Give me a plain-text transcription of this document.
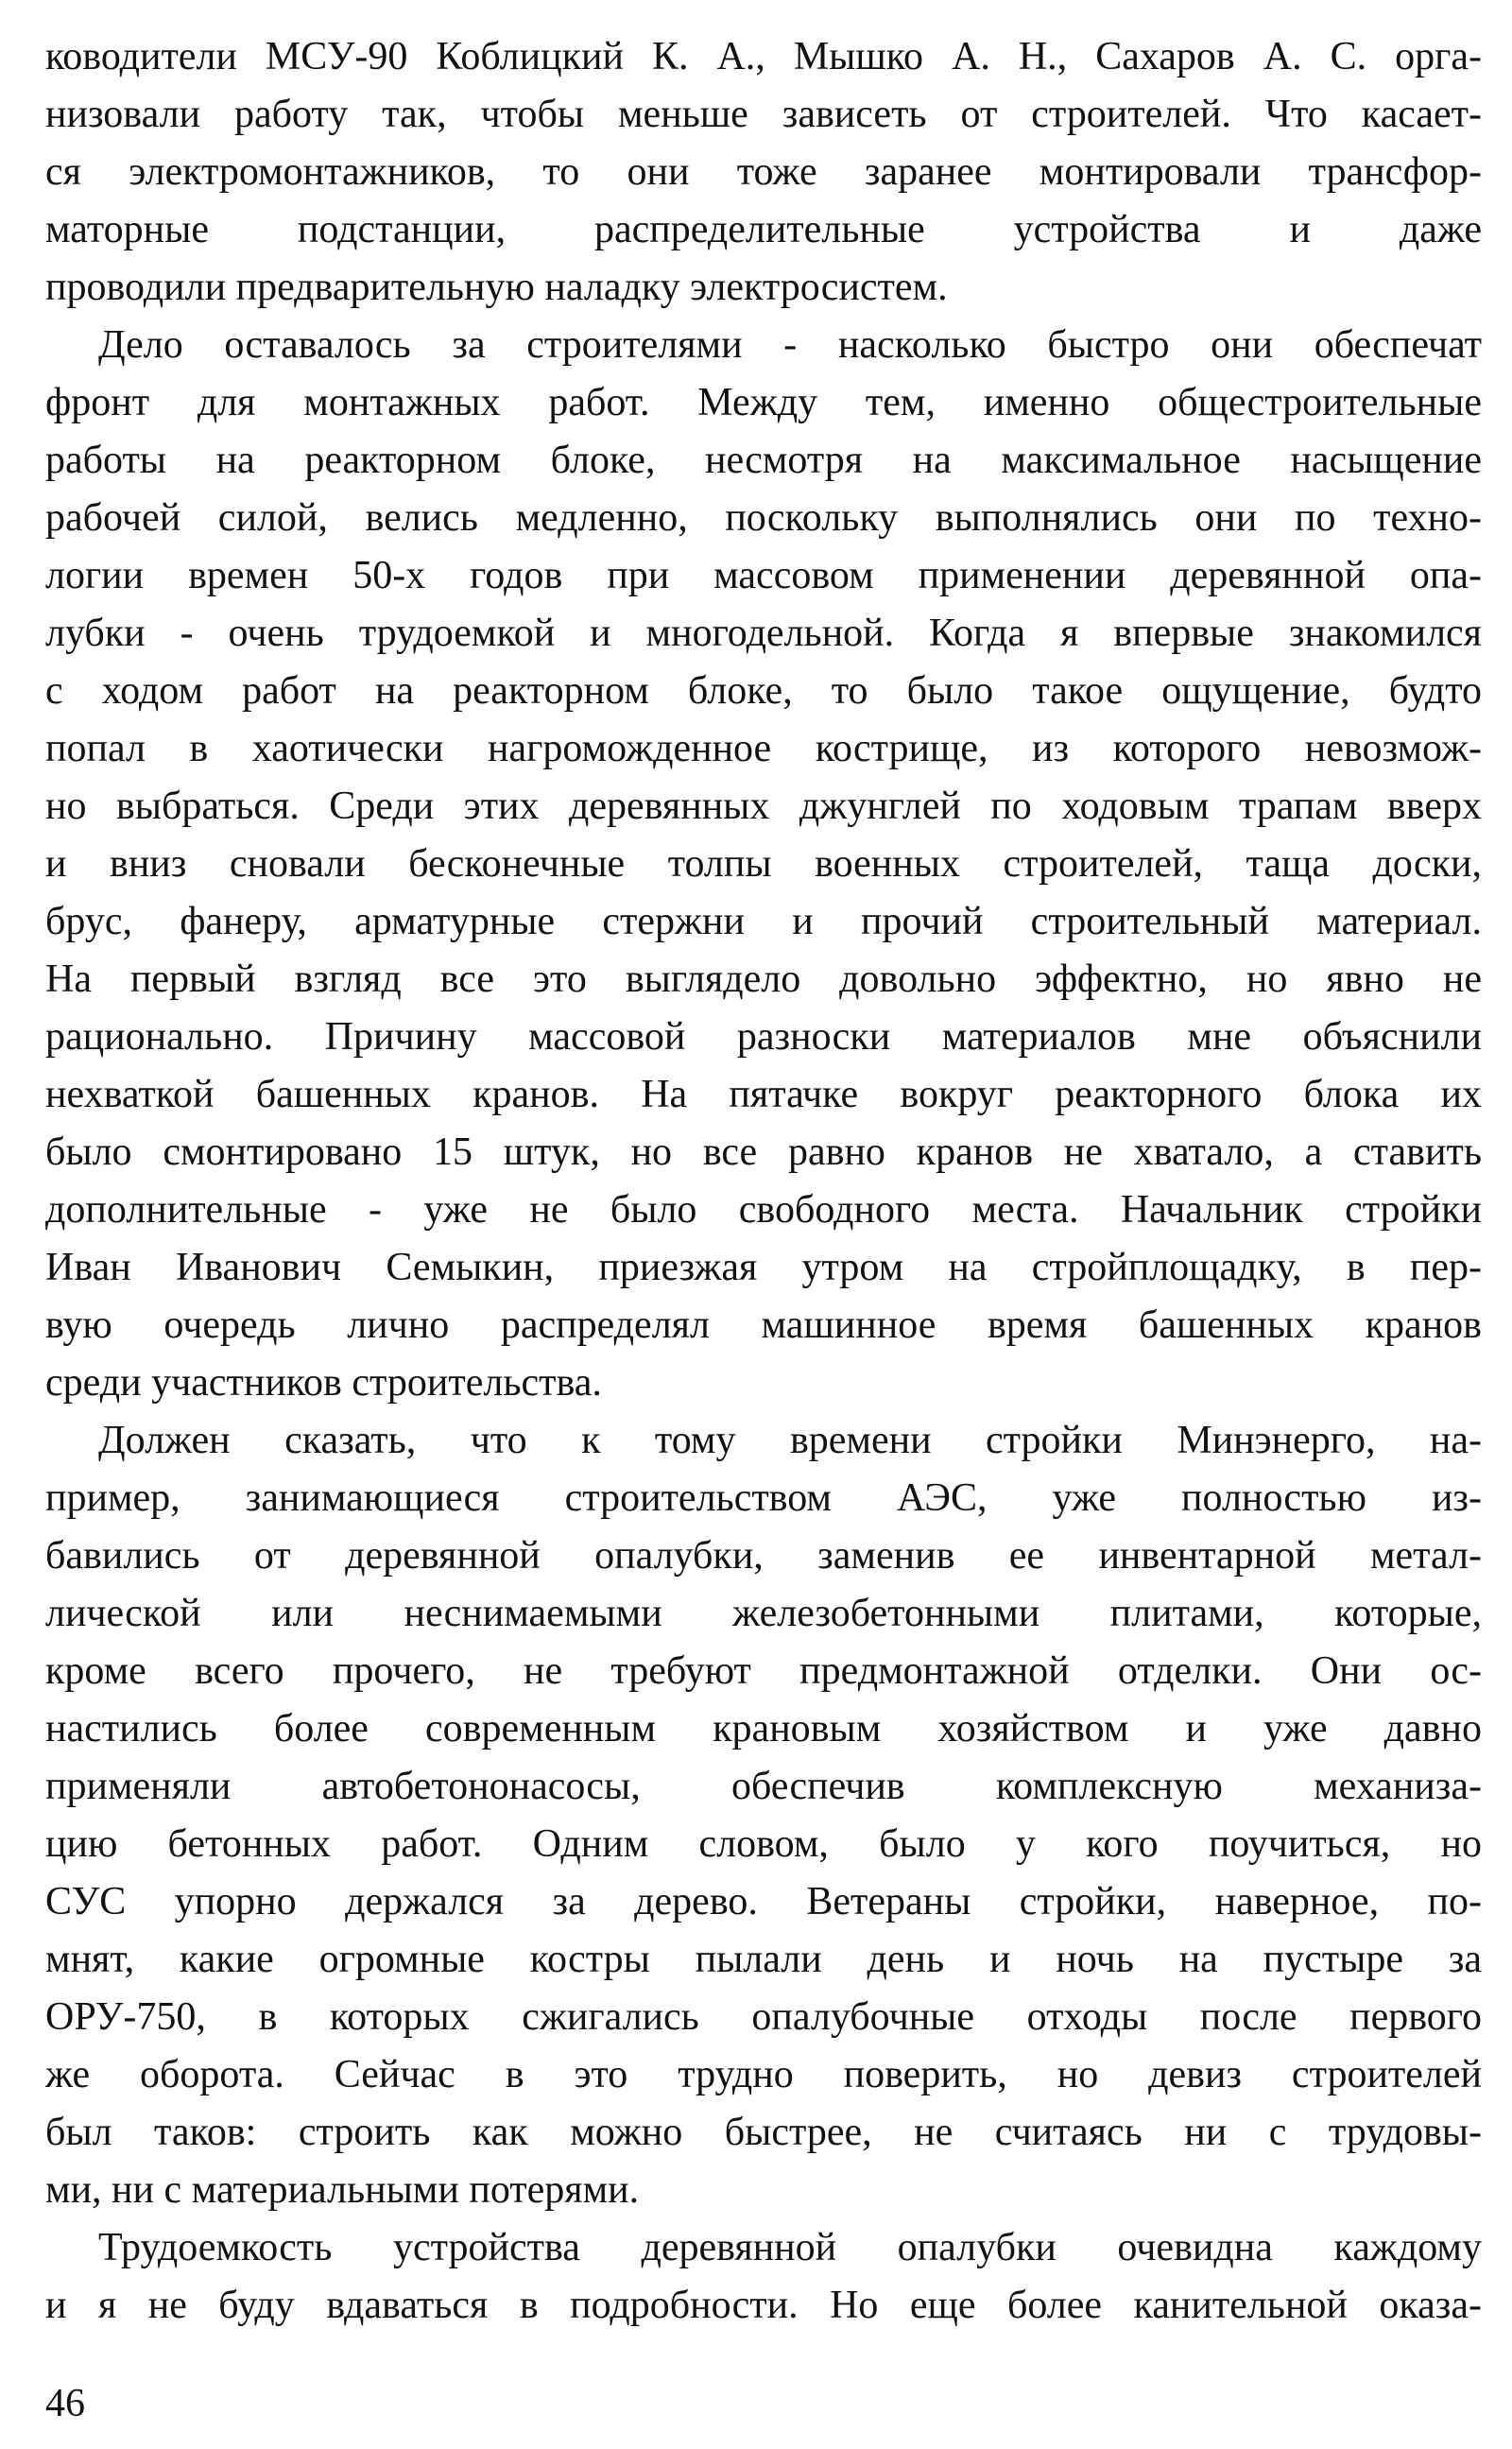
ководители МСУ-90 Коблицкий К. А., Мышко А. Н., Сахаров А. С. орга-
низовали работу так, чтобы меньше зависеть от строителей. Что касает-
ся электромонтажников, то они тоже заранее монтировали трансфор-
маторные подстанции, распределительные устройства и даже
проводили предварительную наладку электросистем.
Дело оставалось за строителями - насколько быстро они обеспечат
фронт для монтажных работ. Между тем, именно общестроительные
работы на реакторном блоке, несмотря на максимальное насыщение
рабочей силой, велись медленно, поскольку выполнялись они по техно-
логии времен 50-х годов при массовом применении деревянной опа-
лубки - очень трудоемкой и многодельной. Когда я впервые знакомился
с ходом работ на реакторном блоке, то было такое ощущение, будто
попал в хаотически нагроможденное кострище, из которого невозмож-
но выбраться. Среди этих деревянных джунглей по ходовым трапам вверх
и вниз сновали бесконечные толпы военных строителей, таща доски,
брус, фанеру, арматурные стержни и прочий строительный материал.
На первый взгляд все это выглядело довольно эффектно, но явно не
рационально. Причину массовой разноски материалов мне объяснили
нехваткой башенных кранов. На пятачке вокруг реакторного блока их
было смонтировано 15 штук, но все равно кранов не хватало, а ставить
дополнительные - уже не было свободного места. Начальник стройки
Иван Иванович Семыкин, приезжая утром на стройплощадку, в пер-
вую очередь лично распределял машинное время башенных кранов
среди участников строительства.
Должен сказать, что к тому времени стройки Минэнерго, на-
пример, занимающиеся строительством АЭС, уже полностью из-
бавились от деревянной опалубки, заменив ее инвентарной метал-
лической или неснимаемыми железобетонными плитами, которые,
кроме всего прочего, не требуют предмонтажной отделки. Они ос-
настились более современным крановым хозяйством и уже давно
применяли автобетононасосы, обеспечив комплексную механиза-
цию бетонных работ. Одним словом, было у кого поучиться, но
СУС упорно держался за дерево. Ветераны стройки, наверное, по-
мнят, какие огромные костры пылали день и ночь на пустыре за
ОРУ-750, в которых сжигались опалубочные отходы после первого
же оборота. Сейчас в это трудно поверить, но девиз строителей
был таков: строить как можно быстрее, не считаясь ни с трудовы-
ми, ни с материальными потерями.
Трудоемкость устройства деревянной опалубки очевидна каждому
и я не буду вдаваться в подробности. Но еще более канительной оказа-
46
